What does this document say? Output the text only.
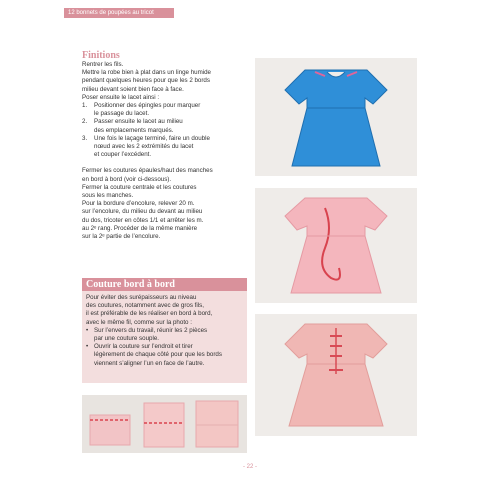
12 bonnets de poupées au tricot

Finitions

Rentrer les fils.

Mettre la robe bien à plat dans un linge humide

pendant quelques heures pour que les 2 bords

milieu devant soient bien face à face.

Poser ensuite le lacet ainsi :

1.	Positionner des épingles pour marquer

le passage du lacet.

2.	Passer ensuite le lacet au milieu

des emplacements marqués.

3.	Une fois le laçage terminé, faire un double

nœud avec les 2 extrémités du lacet

et couper l’excédent.

Fermer les coutures épaules/haut des manches

en bord à bord (voir ci-dessous).

Fermer la couture centrale et les coutures

sous les manches.

Pour la bordure d’encolure, relever 20 m.

sur l’encolure, du milieu du devant au milieu

du dos, tricoter en côtes 1/1 et arrêter les m.

au 2ᵉ rang. Procéder de la même manière

sur la 2ᵉ partie de l’encolure.

Couture bord à bord

Pour éviter des surépaisseurs au niveau

des coutures, notamment avec de gros fils,

il est préférable de les réaliser en bord à bord,

avec le même fil, comme sur la photo :

• Sur l’envers du travail, réunir les 2 pièces

par une couture souple.

• Ouvrir la couture sur l’endroit et tirer

légèrement de chaque côté pour que les bords

viennent s’aligner l’un en face de l’autre.

- 22 -
